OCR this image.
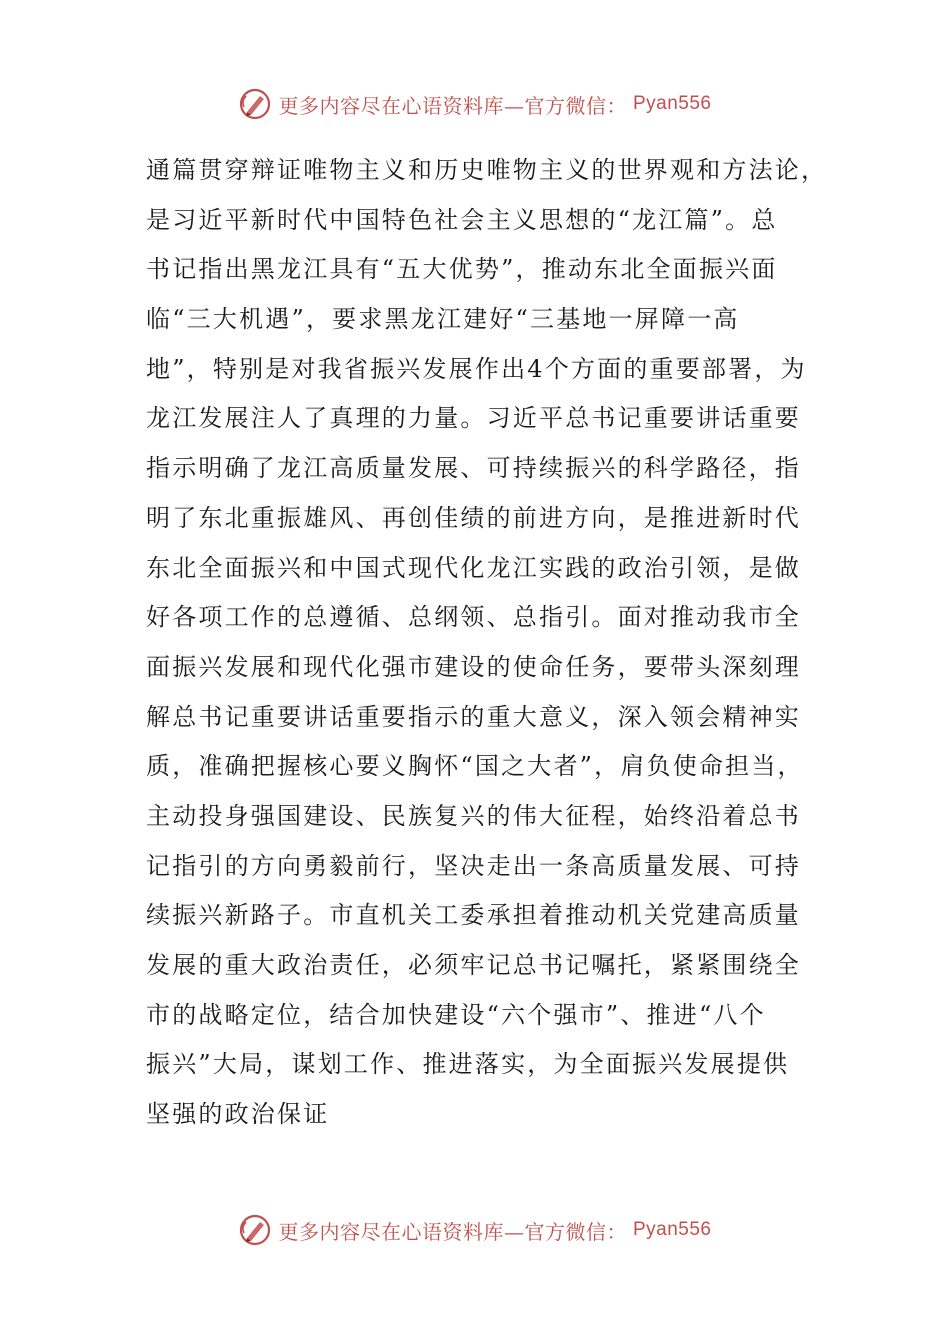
更多内容尽在心语资料库—官方微信： Pyan556
通篇贯穿辩证唯物主义和历史唯物主义的世界观和方法论，
是习近平新时代中国特色社会主义思想的“龙江篇”。总
书记指出黑龙江具有“五大优势”，推动东北全面振兴面
临“三大机遇”，要求黑龙江建好“三基地一屏障一高
地”，特别是对我省振兴发展作出4个方面的重要部署，为
龙江发展注人了真理的力量。习近平总书记重要讲话重要
指示明确了龙江高质量发展、可持续振兴的科学路径，指
明了东北重振雄风、再创佳绩的前进方向，是推进新时代
东北全面振兴和中国式现代化龙江实践的政治引领，是做
好各项工作的总遵循、总纲领、总指引。面对推动我市全
面振兴发展和现代化强市建设的使命任务，要带头深刻理
解总书记重要讲话重要指示的重大意义，深入领会精神实
质，准确把握核心要义胸怀“国之大者”，肩负使命担当，
主动投身强国建设、民族复兴的伟大征程，始终沿着总书
记指引的方向勇毅前行，坚决走出一条高质量发展、可持
续振兴新路子。市直机关工委承担着推动机关党建高质量
发展的重大政治责任，必须牢记总书记嘱托，紧紧围绕全
市的战略定位，结合加快建设“六个强市”、推进“八个
振兴”大局，谋划工作、推进落实，为全面振兴发展提供
坚强的政治保证
更多内容尽在心语资料库—官方微信： Pyan556
